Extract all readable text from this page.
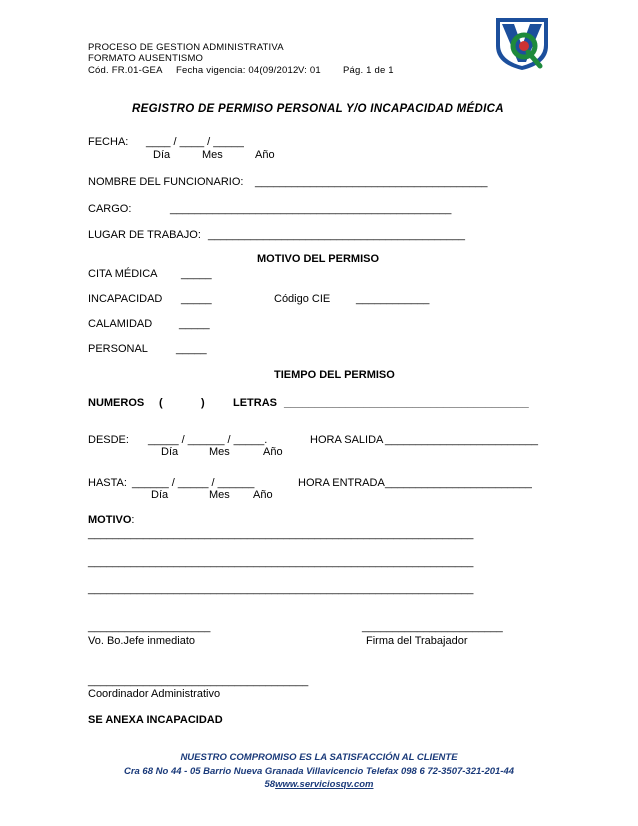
PROCESO DE GESTION ADMINISTRATIVA
FORMATO AUSENTISMO
Cód. FR.01-GEA Fecha vigencia: 04(09/2012 V: 01 Pág. 1 de 1
REGISTRO DE PERMISO PERSONAL Y/O INCAPACIDAD MÉDICA
FECHA: ____ / ____ / _____
Día	Mes	Año
NOMBRE DEL FUNCIONARIO: ______________________________________
CARGO:	______________________________________________
LUGAR DE TRABAJO: __________________________________________
MOTIVO DEL PERMISO
CITA MÉDICA _____
INCAPACIDAD _____	Código CIE ____________
CALAMIDAD _____
PERSONAL	_____
TIEMPO DEL PERMISO
NUMEROS (	)	LETRAS ________________________________________
DESDE: _____ / ______ / _____.	HORA SALIDA _________________________
Día	Mes	Año
HASTA: ______ / _____ / ______	HORA ENTRADA ________________________
Día	Mes Año
MOTIVO:
_______________________________________________________________
_______________________________________________________________
_______________________________________________________________
____________________
Vo. Bo.Jefe inmediato
_______________________
Firma del Trabajador
____________________________________
Coordinador Administrativo
SE ANEXA INCAPACIDAD
NUESTRO COMPROMISO ES LA SATISFACCIÓN AL CLIENTE
Cra 68 No 44 - 05 Barrio Nueva Granada Villavicencio Telefax 098 6 72-3507-321-201-44
58www.serviciosqv.com
